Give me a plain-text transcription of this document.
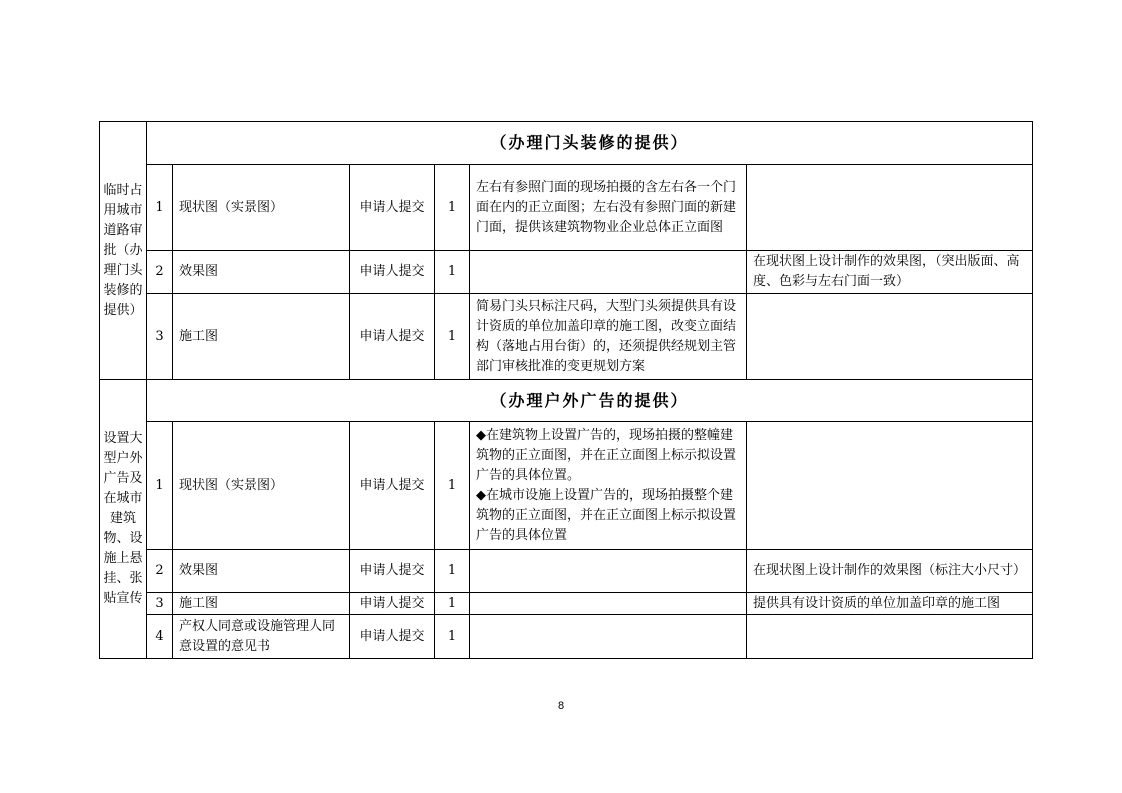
临时占用城市道路审批（办理门头装修的提供）	（办理门头装修的提供）					
	1	现状图（实景图）	申请人提交	1	左右有参照门面的现场拍摄的含左右各一个门面在内的正立面图；左右没有参照门面的新建门面，提供该建筑物物业企业总体正立面图	
	2	效果图	申请人提交	1		在现状图上设计制作的效果图，（突出版面、高度、色彩与左右门面一致）
	3	施工图	申请人提交	1	简易门头只标注尺码，大型门头须提供具有设计资质的单位加盖印章的施工图，改变立面结构（落地占用台街）的，还须提供经规划主管部门审核批准的变更规划方案	
设置大型户外广告及在城市建筑物、设施上悬挂、张贴宣传	（办理户外广告的提供）					
	1	现状图（实景图）	申请人提交	1	◆在建筑物上设置广告的，现场拍摄的整幢建筑物的正立面图，并在正立面图上标示拟设置广告的具体位置。
◆在城市设施上设置广告的，现场拍摄整个建筑物的正立面图，并在正立面图上标示拟设置广告的具体位置	

	2	效果图	申请人提交	1		在现状图上设计制作的效果图（标注大小尺寸）
	3	施工图	申请人提交	1		提供具有设计资质的单位加盖印章的施工图
	4	产权人同意或设施管理人同意设置的意见书	申请人提交	1		
8
